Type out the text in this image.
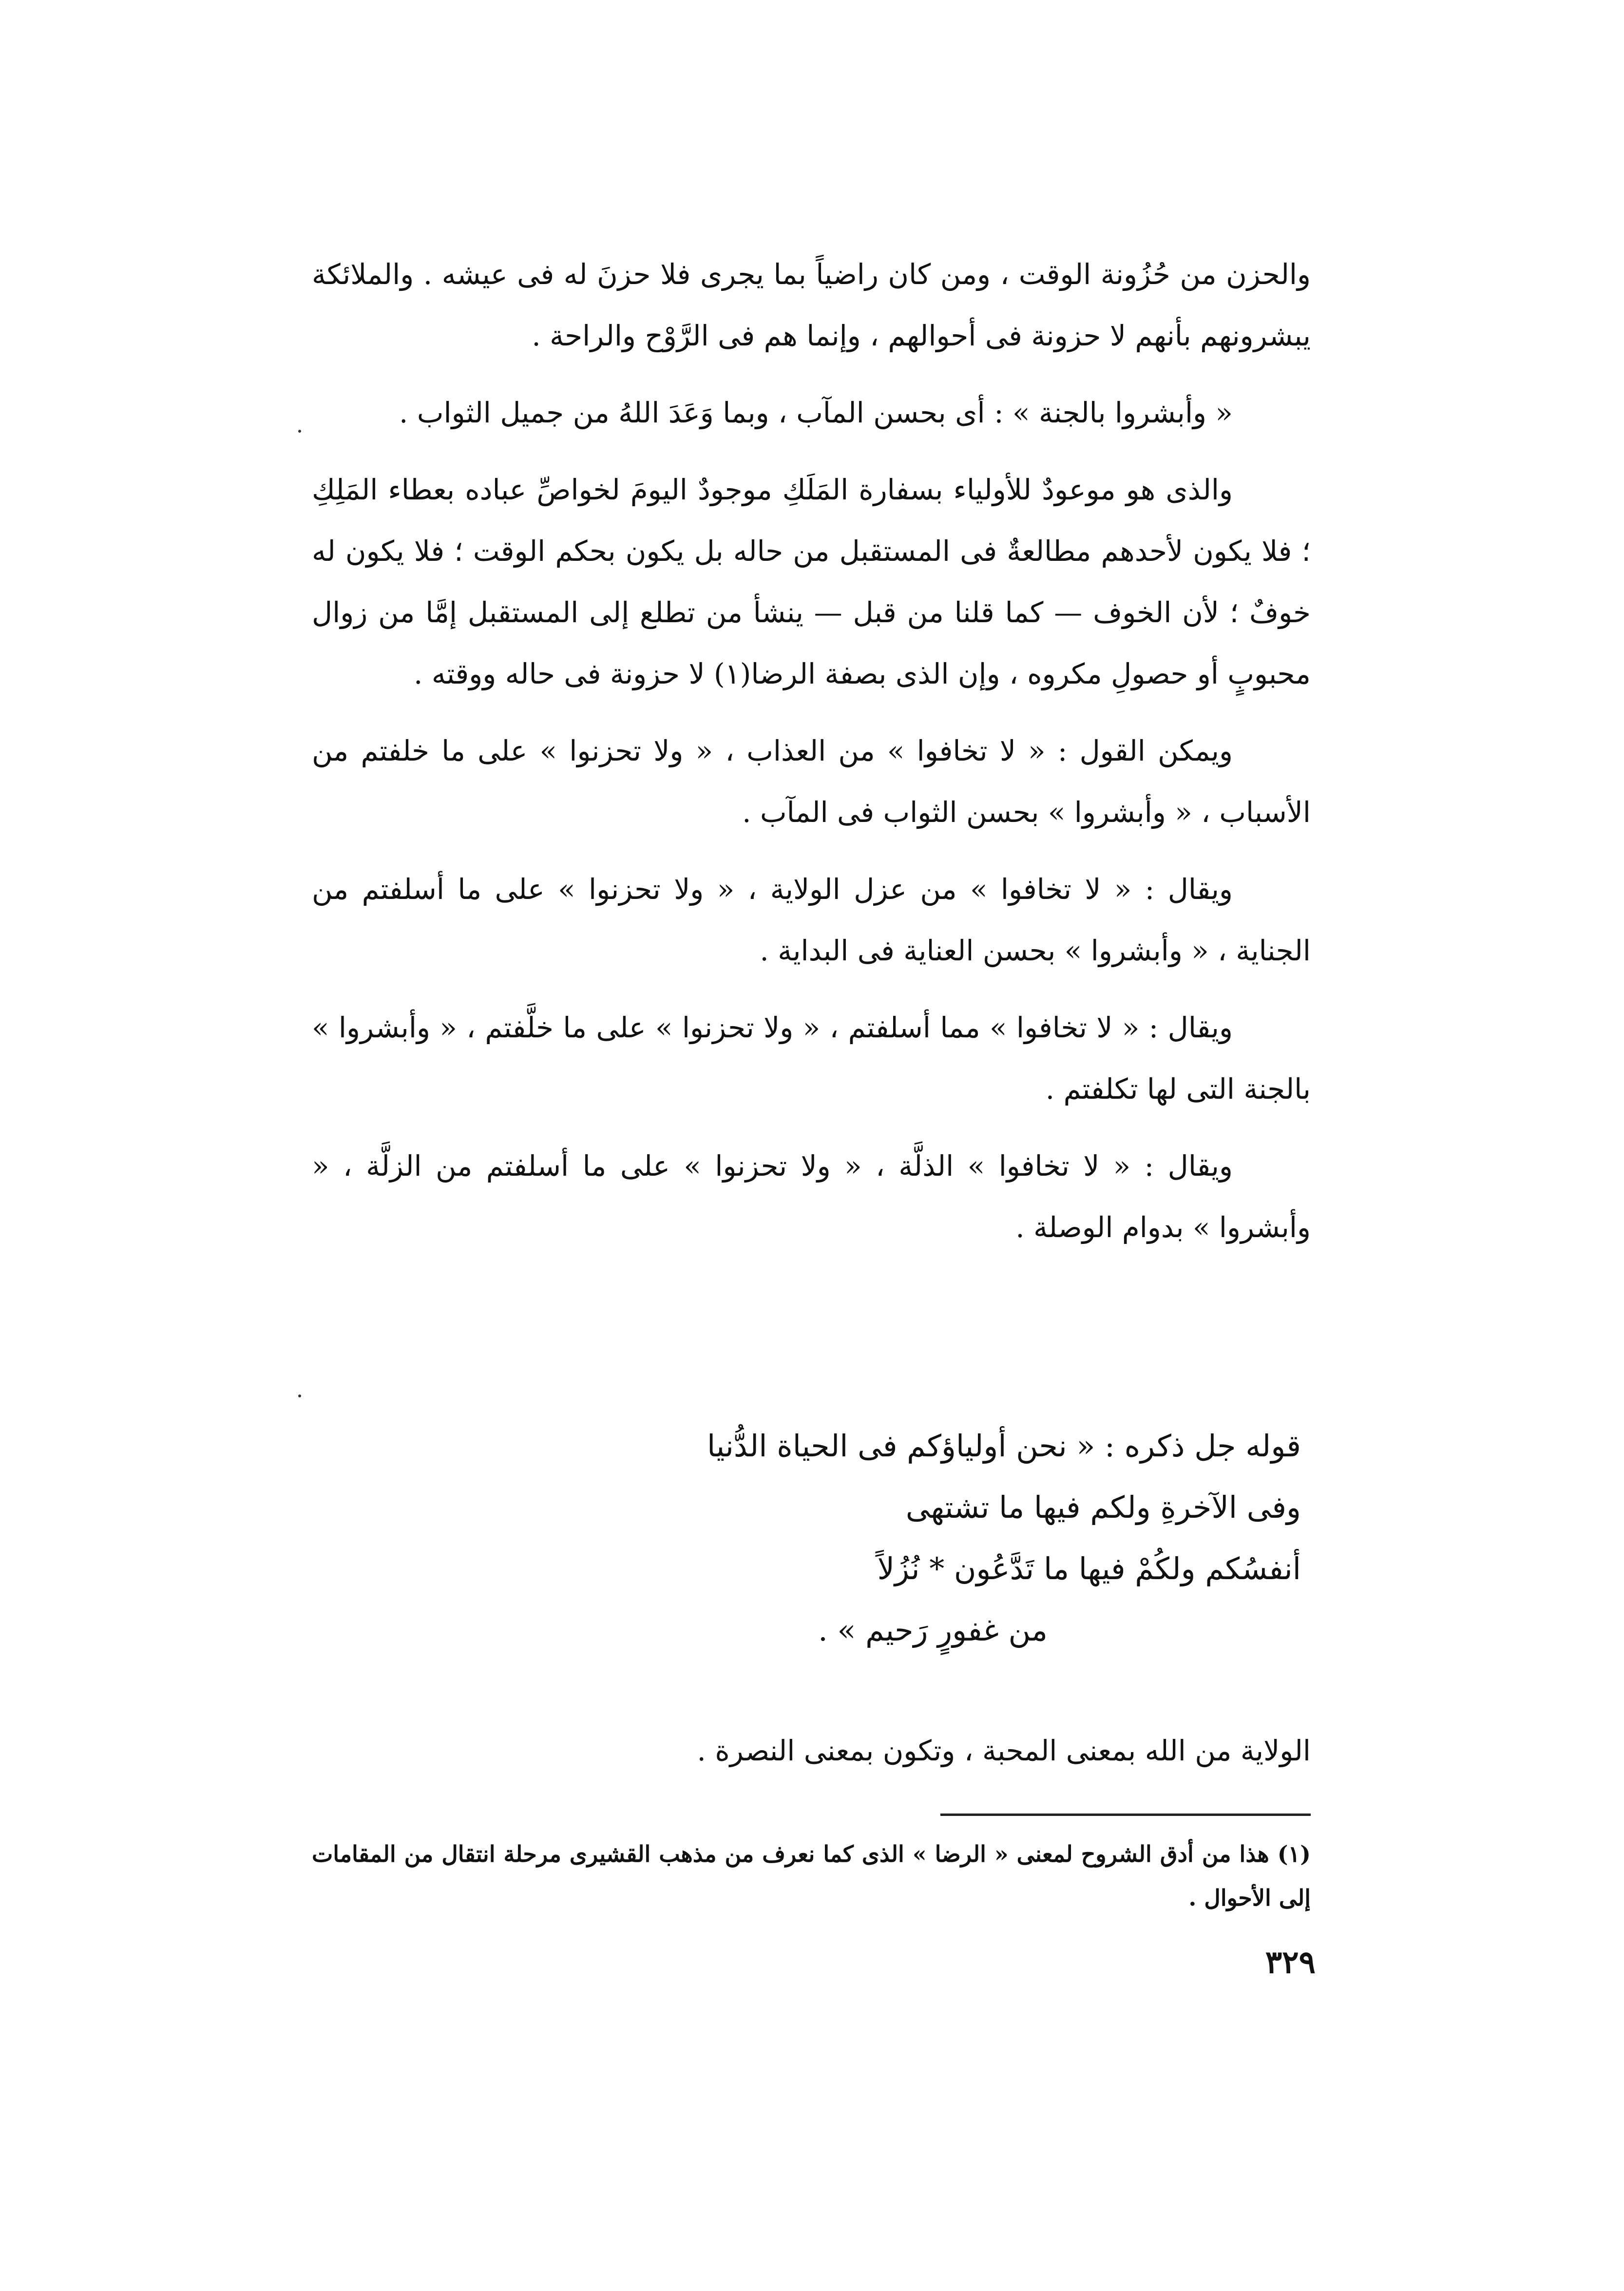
والحزن من حُزُونة الوقت ، ومن كان راضياً بما يجرى فلا حزنَ له فى عيشه . والملائكة يبشرونهم بأنهم لا حزونة فى أحوالهم ، وإنما هم فى الرَّوْح والراحة .

« وأبشروا بالجنة » : أى بحسن المآب ، وبما وَعَدَ اللهُ من جميل الثواب .

والذى هو موعودٌ للأولياء بسفارة المَلَكِ موجودٌ اليومَ لخواصِّ عباده بعطاء المَلِكِ ؛ فلا يكون لأحدهم مطالعةٌ فى المستقبل من حاله بل يكون بحكم الوقت ؛ فلا يكون له خوفٌ ؛ لأن الخوف — كما قلنا من قبل — ينشأ من تطلع إلى المستقبل إمَّا من زوال محبوبٍ أو حصولِ مكروه ، وإن الذى بصفة الرضا(١) لا حزونة فى حاله ووقته .

ويمكن القول : « لا تخافوا » من العذاب ، « ولا تحزنوا » على ما خلفتم من الأسباب ، « وأبشروا » بحسن الثواب فى المآب .

ويقال : « لا تخافوا » من عزل الولاية ، « ولا تحزنوا » على ما أسلفتم من الجناية ، « وأبشروا » بحسن العناية فى البداية .

ويقال : « لا تخافوا » مما أسلفتم ، « ولا تحزنوا » على ما خلَّفتم ، « وأبشروا » بالجنة التى لها تكلفتم .

ويقال : « لا تخافوا » الذلَّة ، « ولا تحزنوا » على ما أسلفتم من الزلَّة ، « وأبشروا » بدوام الوصلة .

قوله جل ذكره : « نحن أولياؤكم فى الحياة الدُّنيا
وفى الآخرةِ ولكم فيها ما تشتهى
أنفسُكم ولكُمْ فيها ما تَدَّعُون * نُزُلاً
من غفورٍ رَحيم » .
الولاية من الله بمعنى المحبة ، وتكون بمعنى النصرة .
(١) هذا من أدق الشروح لمعنى « الرضا » الذى كما نعرف من مذهب القشيرى مرحلة انتقال من المقامات إلى الأحوال .
٣٢٩
